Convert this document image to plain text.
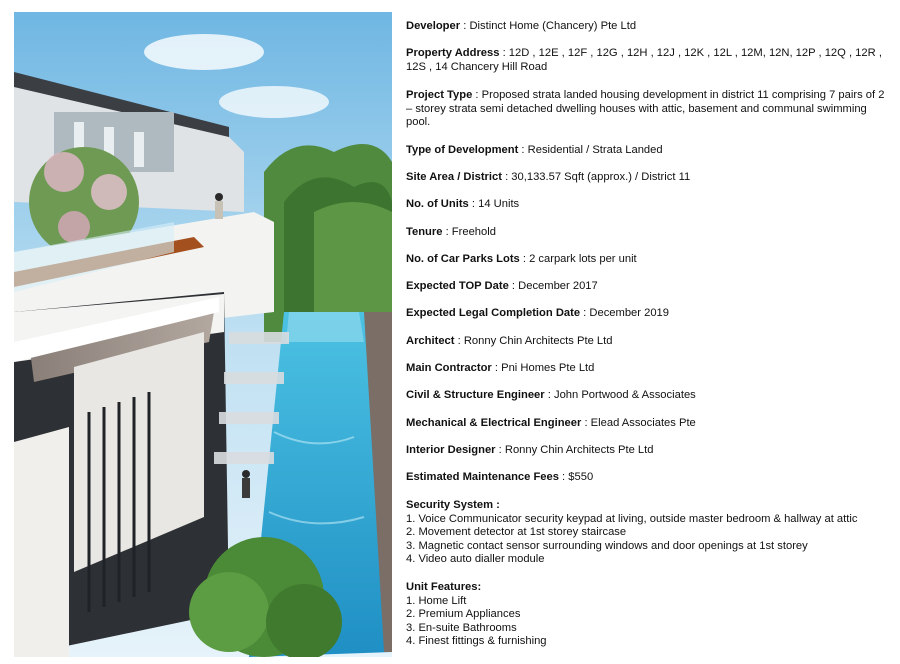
Developer : Distinct Home (Chancery) Pte Ltd

Property Address : 12D , 12E , 12F , 12G , 12H , 12J , 12K , 12L , 12M, 12N, 12P , 12Q , 12R , 12S , 14 Chancery Hill Road

Project Type : Proposed strata landed housing development in district 11 comprising 7 pairs of 2 – storey strata semi detached dwelling houses with attic, basement and communal swimming pool.

Type of Development : Residential / Strata Landed

Site Area / District : 30,133.57 Sqft (approx.) / District 11

No. of Units : 14 Units

Tenure : Freehold

No. of Car Parks Lots : 2 carpark lots per unit

Expected TOP Date : December 2017

Expected Legal Completion Date : December 2019

Architect : Ronny Chin Architects Pte Ltd

Main Contractor : Pni Homes Pte Ltd

Civil & Structure Engineer : John Portwood & Associates

Mechanical & Electrical Engineer : Elead Associates Pte

Interior Designer : Ronny Chin Architects Pte Ltd

Estimated Maintenance Fees : $550

Security System :
1. Voice Communicator security keypad at living, outside master bedroom & hallway at attic
2. Movement detector at 1st storey staircase
3. Magnetic contact sensor surrounding windows and door openings at 1st storey
4. Video auto dialler module
Unit Features:
1. Home Lift
2. Premium Appliances
3. En-suite Bathrooms
4. Finest fittings & furnishing
